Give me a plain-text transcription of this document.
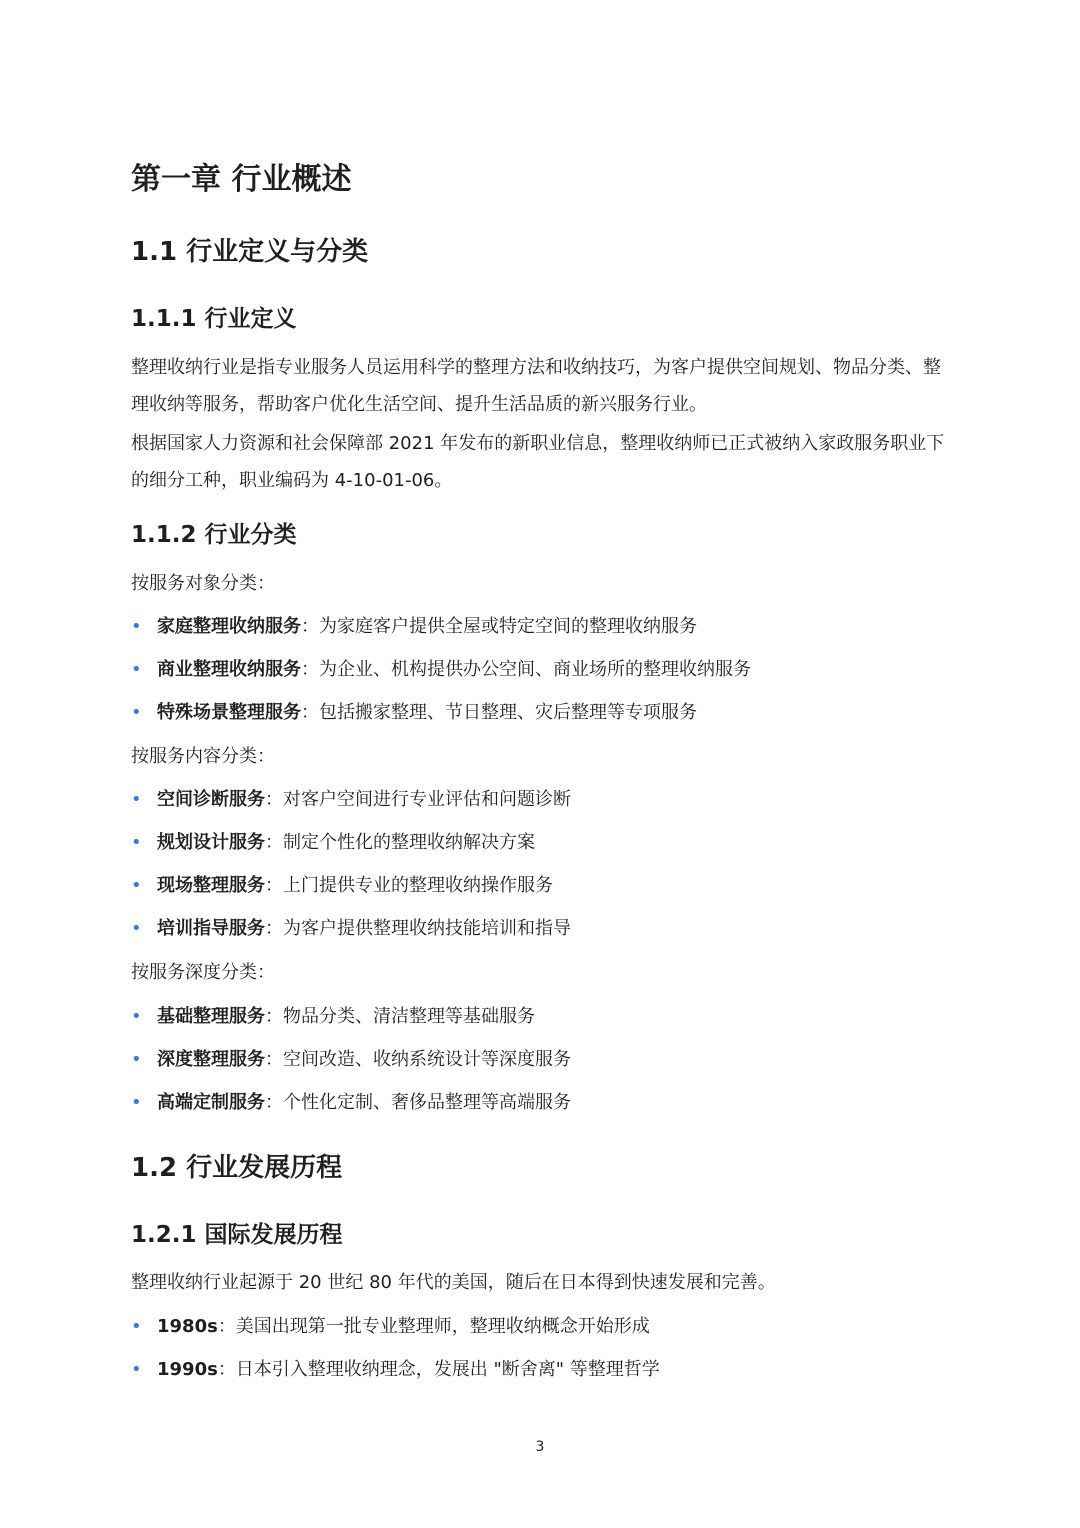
第一章 行业概述
1.1 行业定义与分类
1.1.1 行业定义
整理收纳行业是指专业服务人员运用科学的整理方法和收纳技巧，为客户提供空间规划、物品分类、整理收纳等服务，帮助客户优化生活空间、提升生活品质的新兴服务行业。
根据国家人力资源和社会保障部 2021 年发布的新职业信息，整理收纳师已正式被纳入家政服务职业下的细分工种，职业编码为 4-10-01-06。
1.1.2 行业分类
按服务对象分类：
• 家庭整理收纳服务：为家庭客户提供全屋或特定空间的整理收纳服务
• 商业整理收纳服务：为企业、机构提供办公空间、商业场所的整理收纳服务
• 特殊场景整理服务：包括搬家整理、节日整理、灾后整理等专项服务
按服务内容分类：
• 空间诊断服务：对客户空间进行专业评估和问题诊断
• 规划设计服务：制定个性化的整理收纳解决方案
• 现场整理服务：上门提供专业的整理收纳操作服务
• 培训指导服务：为客户提供整理收纳技能培训和指导
按服务深度分类：
• 基础整理服务：物品分类、清洁整理等基础服务
• 深度整理服务：空间改造、收纳系统设计等深度服务
• 高端定制服务：个性化定制、奢侈品整理等高端服务
1.2 行业发展历程
1.2.1 国际发展历程
整理收纳行业起源于 20 世纪 80 年代的美国，随后在日本得到快速发展和完善。
• 1980s：美国出现第一批专业整理师，整理收纳概念开始形成
• 1990s：日本引入整理收纳理念，发展出 "断舍离" 等整理哲学
3
